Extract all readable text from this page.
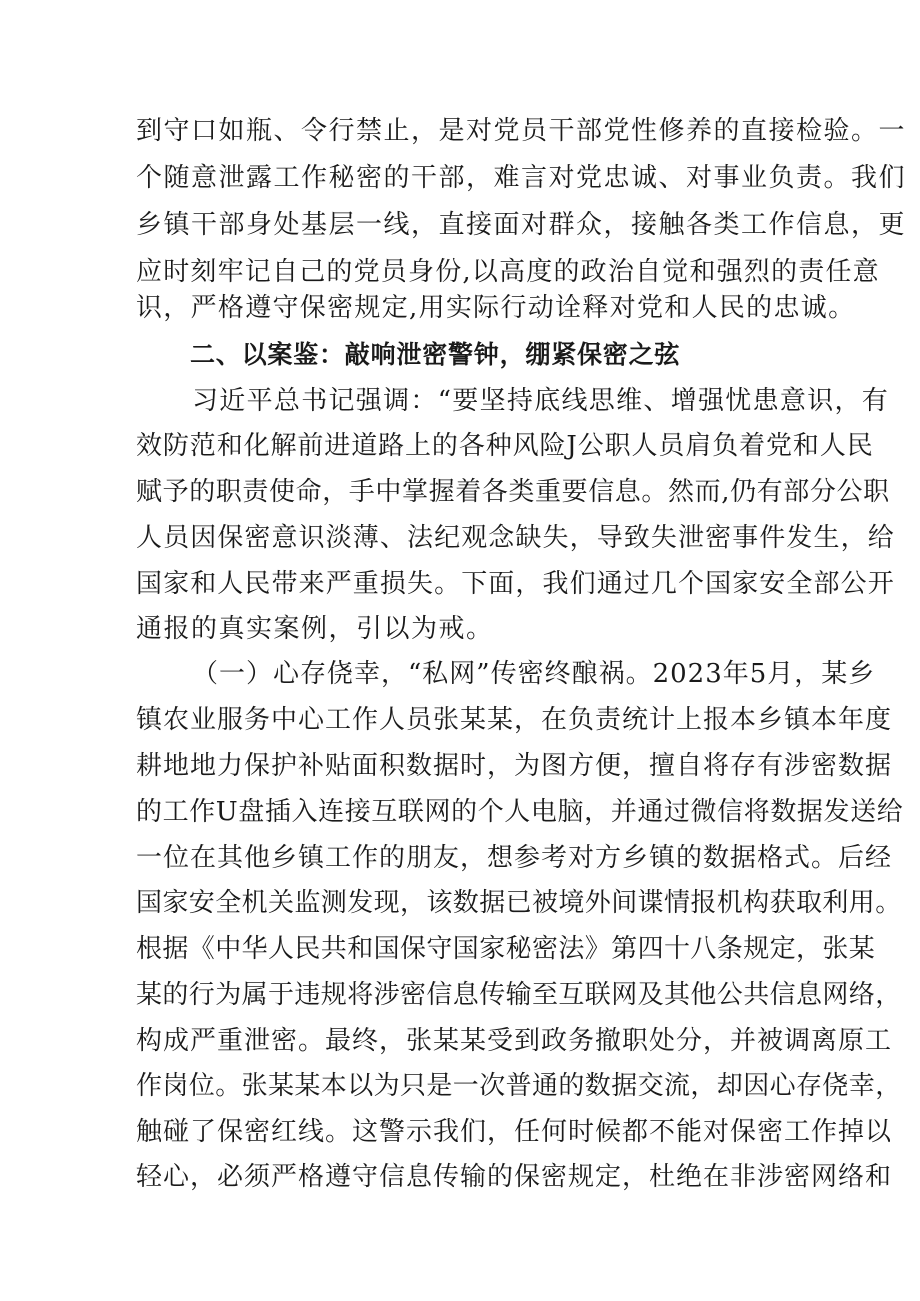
到守口如瓶、令行禁止，是对党员干部党性修养的直接检验。一
个随意泄露工作秘密的干部，难言对党忠诚、对事业负责。我们
乡镇干部身处基层一线，直接面对群众，接触各类工作信息，更
应时刻牢记自己的党员身份,以高度的政治自觉和强烈的责任意
识，严格遵守保密规定,用实际行动诠释对党和人民的忠诚。
二、以案鉴：敲响泄密警钟，绷紧保密之弦
习近平总书记强调：“要坚持底线思维、增强忧患意识，有
效防范和化解前进道路上的各种风险J公职人员肩负着党和人民
赋予的职责使命，手中掌握着各类重要信息。然而,仍有部分公职
人员因保密意识淡薄、法纪观念缺失，导致失泄密事件发生，给
国家和人民带来严重损失。下面，我们通过几个国家安全部公开
通报的真实案例，引以为戒。
（一）心存侥幸，“私网”传密终酿祸。2023年5月，某乡
镇农业服务中心工作人员张某某，在负责统计上报本乡镇本年度
耕地地力保护补贴面积数据时，为图方便，擅自将存有涉密数据
的工作U盘插入连接互联网的个人电脑，并通过微信将数据发送给
一位在其他乡镇工作的朋友，想参考对方乡镇的数据格式。后经
国家安全机关监测发现，该数据已被境外间谍情报机构获取利用。
根据《中华人民共和国保守国家秘密法》第四十八条规定，张某
某的行为属于违规将涉密信息传输至互联网及其他公共信息网络，
构成严重泄密。最终，张某某受到政务撤职处分，并被调离原工
作岗位。张某某本以为只是一次普通的数据交流，却因心存侥幸，
触碰了保密红线。这警示我们，任何时候都不能对保密工作掉以
轻心，必须严格遵守信息传输的保密规定，杜绝在非涉密网络和
